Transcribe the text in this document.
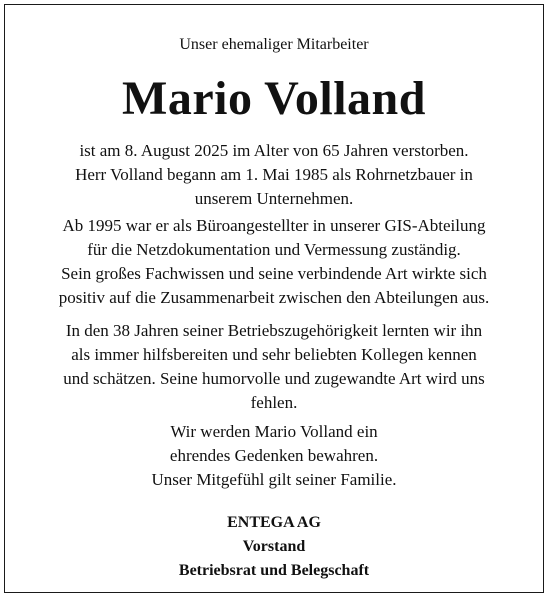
Unser ehemaliger Mitarbeiter
Mario Volland
ist am 8. August 2025 im Alter von 65 Jahren verstorben.
Herr Volland begann am 1. Mai 1985 als Rohrnetzbauer in
unserem Unternehmen.
Ab 1995 war er als Büroangestellter in unserer GIS-Abteilung
für die Netzdokumentation und Vermessung zuständig.
Sein großes Fachwissen und seine verbindende Art wirkte sich
positiv auf die Zusammenarbeit zwischen den Abteilungen aus.
In den 38 Jahren seiner Betriebszugehörigkeit lernten wir ihn
als immer hilfsbereiten und sehr beliebten Kollegen kennen
und schätzen. Seine humorvolle und zugewandte Art wird uns
fehlen.
Wir werden Mario Volland ein
ehrendes Gedenken bewahren.
Unser Mitgefühl gilt seiner Familie.
ENTEGA AG
Vorstand
Betriebsrat und Belegschaft
